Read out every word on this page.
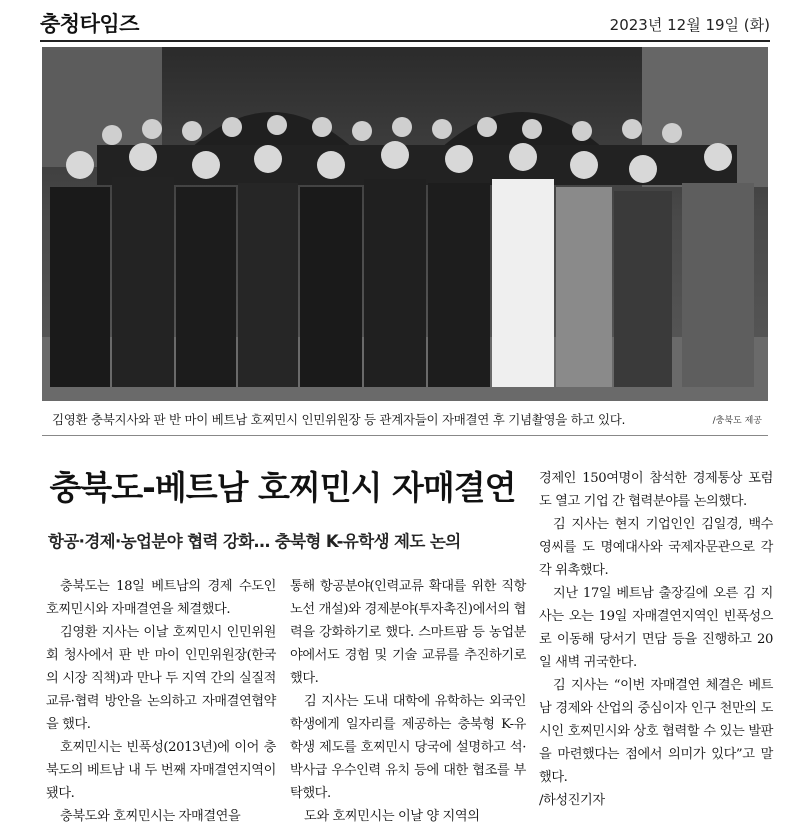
충청타임즈	2023년 12월 19일 (화)
김영환 충북지사와 판 반 마이 베트남 호찌민시 인민위원장 등 관계자들이 자매결연 후 기념촬영을 하고 있다.	/충북도 제공
충북도-베트남 호찌민시 자매결연
항공·경제·농업분야 협력 강화… 충북형 K-유학생 제도 논의

충북도는 18일 베트남의 경제 수도인 호찌민시와 자매결연을 체결했다.

김영환 지사는 이날 호찌민시 인민위원회 청사에서 판 반 마이 인민위원장(한국의 시장 직책)과 만나 두 지역 간의 실질적 교류·협력 방안을 논의하고 자매결연협약을 했다.

호찌민시는 빈푹성(2013년)에 이어 충북도의 베트남 내 두 번째 자매결연지역이 됐다.

충북도와 호찌민시는 자매결연을

통해 항공분야(인력교류 확대를 위한 직항노선 개설)와 경제분야(투자촉진)에서의 협력을 강화하기로 했다. 스마트팜 등 농업분야에서도 경험 및 기술 교류를 추진하기로 했다.

김 지사는 도내 대학에 유학하는 외국인 학생에게 일자리를 제공하는 충북형 K-유학생 제도를 호찌민시 당국에 설명하고 석·박사급 우수인력 유치 등에 대한 협조를 부탁했다.

도와 호찌민시는 이날 양 지역의

경제인 150여명이 참석한 경제통상 포럼도 열고 기업 간 협력분야를 논의했다.

김 지사는 현지 기업인인 김일경, 백수영씨를 도 명예대사와 국제자문관으로 각각 위촉했다.

지난 17일 베트남 출장길에 오른 김 지사는 오는 19일 자매결연지역인 빈푹성으로 이동해 당서기 면담 등을 진행하고 20일 새벽 귀국한다.

김 지사는 “이번 자매결연 체결은 베트남 경제와 산업의 중심이자 인구 천만의 도시인 호찌민시와 상호 협력할 수 있는 발판을 마련했다는 점에서 의미가 있다”고 말했다.

/하성진기자
